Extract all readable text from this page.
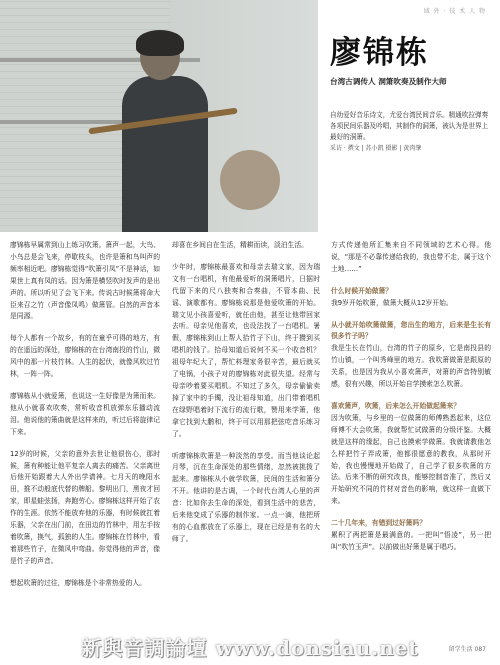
域 外 · 技 术 人 物
廖锦栋
台湾古调传人 洞箫吹奏及制作大师
自幼爱好音乐诗文，尤爱台湾民间音乐。精通吹拉弹奏各项民间乐器及吟唱，其制作的洞箫，被认为是世界上最好的洞箫。
采访 · 撰文 | 苏小凯 摄影 | 黄肉肇

廖锦栋早属常到山上练习吹箫。箫声一起，大鸟、小鸟总是会飞来，停歇枝头，也许是箫和鸟叫声的频率相近吧。廖锦栋觉得“吹箫引凤”不是神话，如果世上真有凤的话。因为箫是横竖吹时发声的是出声的。所以听见了会飞下来。传说古时候箫将命大臣来召之竹（声音像凤鸣）做箫管。自然的声音本是同源。

每个人都有一个故乡，有的在童乎可得的地方，有的在遥远的深处，廖锦栋的在台湾南投的竹山，微风中的那一片枝竹林。人生的起伏，就像风吹过竹林，一阵一阵。

廖锦栋从小就爱箫，也说这一生好像是为箫而来。他从小就喜欢吹奏，常听收音机放弹东乐播动流泪。他说他的箫曲就是这样来的，听过后将旋律记下来。

12岁的时候，父亲的意外去世让他很伤心，那时候，箫有种能让他平复亲人离去的痛苦。父亲离世后他开始跟着大人外出学请神。七月天的晚阳水田，推不动般底代替的牌船。黎明出门，黑夜才回家，即星蛙弦扬，奔跑劳心。廖锦栋这样开始了农作的生涯。依然不能放弃他的乐器，有时候就扛着乐器，父亲在出门前，在田边的竹林中，用左手按着吹箫，换气，孤独的人生。廖锦栋在竹林中，看着那些竹子，在微风中弯曲。你觉得他的声音，像是竹子的声音。

想起吹箫的过往，廖锦栋是个非常热爱的人。

却喜在乡间自在生活，精耕而读，淡泊生活。

少年时，廖锦栋最喜欢和母亲去瑞文家，因为瑞文有一台唱机，有他最爱听的洞箫唱片，日据时代留下来的尺八独奏和合奏曲，不管本曲、民谣、演歌都有。廖锦栋说那是他爱吹箫的开始。瑞文见小孩喜爱听，就任由他，甚至让他带回家去听。母亲见他喜欢，也设法找了一台唱机。暑假，廖锦栋到山上帮人拾竹子下山，终于攒到买唱机的钱了。拾母知道后说何不买一个收音机？祖母年纪大了，帮忙料理家务很辛苦，最后就买了电锅，小孩子对的廖锦栋对此很失望。经常与母亲吵着要买唱机。不知过了多久，母亲偷偷卖掉了家中的手镯，没让祖母知道，出门带着唱机在绿野唱着时下流行的流行歌，赞用来学箫，他拿它找到大鹏和，终于可以用那把弦吃音乐练习了。

听廖锦栋吹箫是一种淡然的享受。而当他谈论起月琴，沉在生命深处的那些情绪，忽然被挑拨了起来。廖锦栋从小就学吹箫，民间的生活和箫分不开。他讲的是古调，一个时代台湾人心里的声音：比如你去生命的深处，看到生活中的悲苦，后来他变成了乐器的制作家。一点一滴，他把所有的心血都放在了乐器上，现在已经是有名的大师了。

方式传递他所汇集来自不同领域的艺术心得。他说，“那是不必靠传递给我的，我也带不走，属于这个土地……”

什么时候开始做箫？

我9岁开始吹箫，做箫大概从12岁开始。

从小就开始吹箫做箫，您出生的地方，后来是生长有很多竹子吗？

我是生长在竹山，台湾的竹子的原乡，它是南投县的竹山镇，一个叫秀峰里的地方。我吹箫做箫是跟原的关系，也是因为我从小喜欢箫声，对箫的声音特别敏感，很有兴趣，所以开始自学摸索怎么吹箫。

喜欢箫声，吹箫，后来怎么开始做起箫来？

因为吹箫，与乡里的一位做箫的师傅熟悉起来，这位师傅不大会吹箫，我就帮忙试做箫的分级评鉴。大概就是这样的缘起，自己也摸索学做箫。我就请教他怎么样把竹子弄成箫，他都很愿意的教我，从那时开始，我也慢慢地开始做了，自己学了很多吹箫的方法。后来不断的研究改良，能够控制音准了，然后又开始研究不同的竹材对音色的影响，就这样一直做下来。

二十几年来，有错到过好箫吗？

累积了两把箫是最满意的。一把叫“悟凌”，另一把叫“吹竹玉声”。以前做出好箫是属于唱巧。

留学生活 087
新與音調論壇 www.donsiau.net
